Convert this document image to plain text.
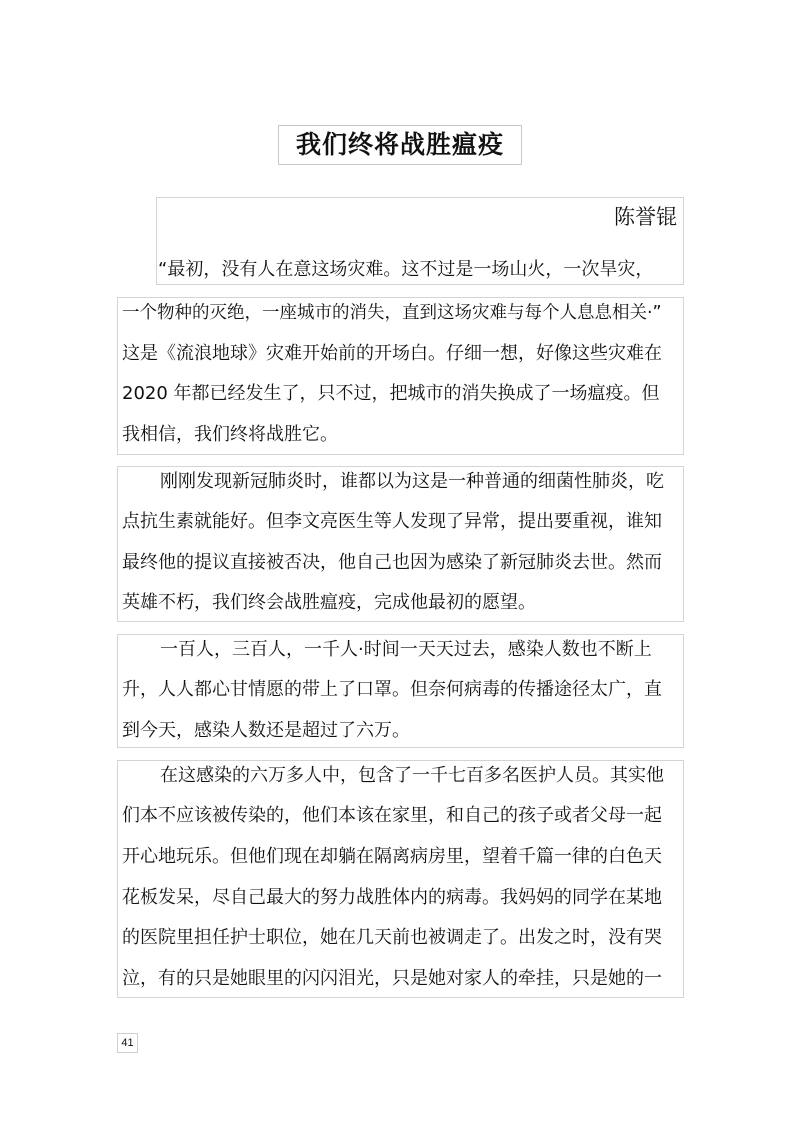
我们终将战胜瘟疫
陈誉锟
“最初，没有人在意这场灾难。这不过是一场山火，一次旱灾，
一个物种的灭绝，一座城市的消失，直到这场灾难与每个人息息相关·”
这是《流浪地球》灾难开始前的开场白。仔细一想，好像这些灾难在
2020 年都已经发生了，只不过，把城市的消失换成了一场瘟疫。但
我相信，我们终将战胜它。
刚刚发现新冠肺炎时，谁都以为这是一种普通的细菌性肺炎，吃
点抗生素就能好。但李文亮医生等人发现了异常，提出要重视，谁知
最终他的提议直接被否决，他自己也因为感染了新冠肺炎去世。然而
英雄不朽，我们终会战胜瘟疫，完成他最初的愿望。
一百人，三百人，一千人·时间一天天过去，感染人数也不断上
升，人人都心甘情愿的带上了口罩。但奈何病毒的传播途径太广，直
到今天，感染人数还是超过了六万。
在这感染的六万多人中，包含了一千七百多名医护人员。其实他
们本不应该被传染的，他们本该在家里，和自己的孩子或者父母一起
开心地玩乐。但他们现在却躺在隔离病房里，望着千篇一律的白色天
花板发呆，尽自己最大的努力战胜体内的病毒。我妈妈的同学在某地
的医院里担任护士职位，她在几天前也被调走了。出发之时，没有哭
泣，有的只是她眼里的闪闪泪光，只是她对家人的牵挂，只是她的一
41
